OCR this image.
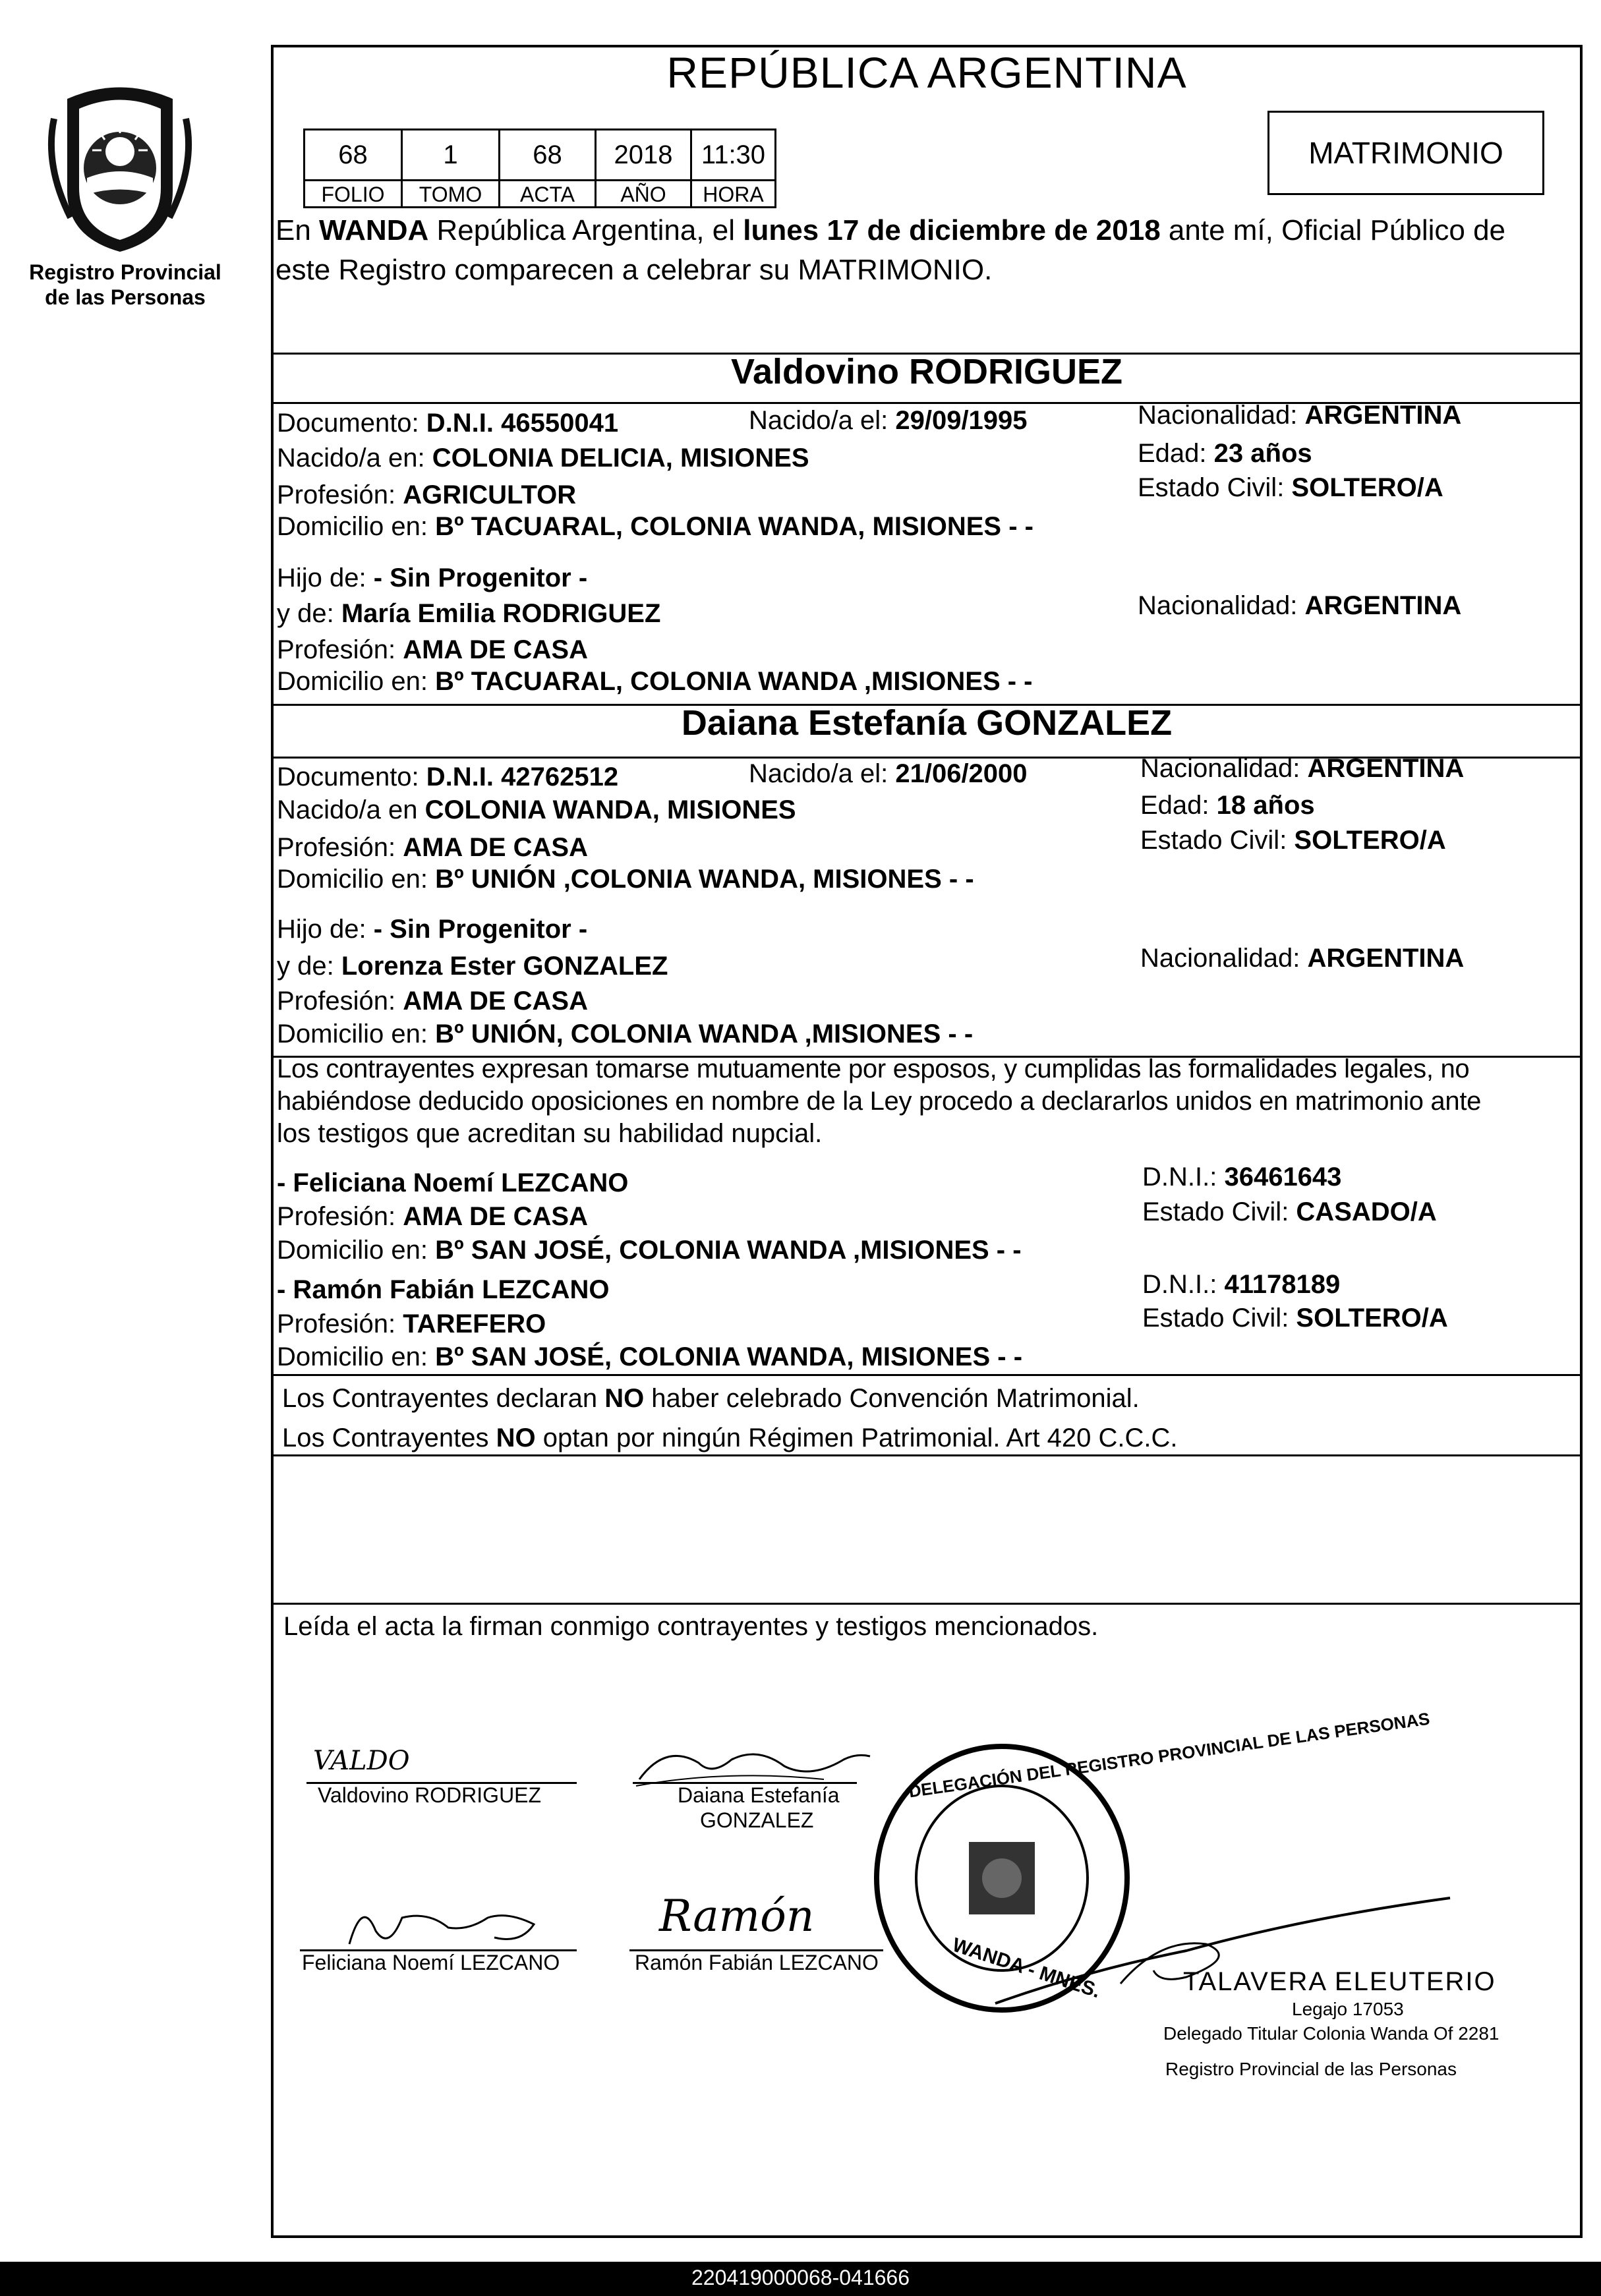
Registro Provincial
de las Personas
REPÚBLICA ARGENTINA
68	1	68	2018	11:30
FOLIO	TOMO	ACTA	AÑO	HORA
MATRIMONIO
En WANDA República Argentina, el lunes 17 de diciembre de 2018 ante mí, Oficial Público de
este Registro comparecen a celebrar su MATRIMONIO.
Valdovino RODRIGUEZ
Documento: D.N.I. 46550041	Nacido/a el: 29/09/1995
Nacido/a en: COLONIA DELICIA, MISIONES
Profesión: AGRICULTOR
Domicilio en: Bº TACUARAL, COLONIA WANDA, MISIONES - -
Nacionalidad: ARGENTINA
Edad: 23 años
Estado Civil: SOLTERO/A
Hijo de: - Sin Progenitor -
y de: María Emilia RODRIGUEZ	Nacionalidad: ARGENTINA
Profesión: AMA DE CASA
Domicilio en: Bº TACUARAL, COLONIA WANDA ,MISIONES - -
Daiana Estefanía GONZALEZ
Documento: D.N.I. 42762512	Nacido/a el: 21/06/2000
Nacido/a en COLONIA WANDA, MISIONES
Profesión: AMA DE CASA
Domicilio en: Bº UNIÓN ,COLONIA WANDA, MISIONES - -
Nacionalidad: ARGENTINA
Edad: 18 años
Estado Civil: SOLTERO/A
Hijo de: - Sin Progenitor -
y de: Lorenza Ester GONZALEZ	Nacionalidad: ARGENTINA
Profesión: AMA DE CASA
Domicilio en: Bº UNIÓN, COLONIA WANDA ,MISIONES - -
Los contrayentes expresan tomarse mutuamente por esposos, y cumplidas las formalidades legales, no
habiéndose deducido oposiciones en nombre de la Ley procedo a declararlos unidos en matrimonio ante
los testigos que acreditan su habilidad nupcial.
- Feliciana Noemí LEZCANO	D.N.I.: 36461643
Profesión: AMA DE CASA	Estado Civil: CASADO/A
Domicilio en: Bº SAN JOSÉ, COLONIA WANDA ,MISIONES - -
- Ramón Fabián LEZCANO	D.N.I.: 41178189
Profesión: TAREFERO	Estado Civil: SOLTERO/A
Domicilio en: Bº SAN JOSÉ, COLONIA WANDA, MISIONES - -
Los Contrayentes declaran NO haber celebrado Convención Matrimonial.
Los Contrayentes NO optan por ningún Régimen Patrimonial. Art 420 C.C.C.
Leída el acta la firman conmigo contrayentes y testigos mencionados.
VALDO
Valdovino RODRIGUEZ	Daiana Estefanía
GONZALEZ
Feliciana Noemí LEZCANO
Ramón
Ramón Fabián LEZCANO
DELEGACIÓN DEL REGISTRO PROVINCIAL DE LAS PERSONAS
WANDA - MNES.	TALAVERA ELEUTERIO
Legajo 17053
Delegado Titular Colonia Wanda Of 2281
Registro Provincial de las Personas
220419000068-041666
